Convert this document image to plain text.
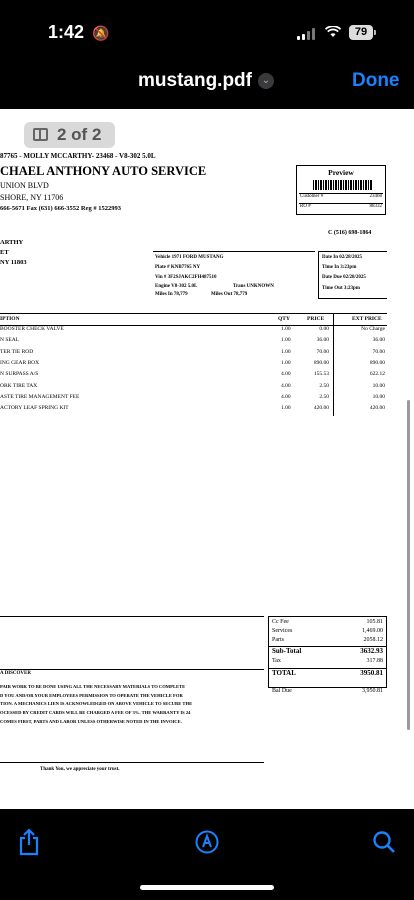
1:42 🔕	79
mustang.pdf ⌄	Done
87765 - MOLLY MCCARTHY- 23468 - V8-302 5.0L
CHAEL ANTHONY AUTO SERVICE
UNION BLVD
SHORE, NY 11706
666-5671 Fax (631) 666-3552 Reg # 1522993
Preview
Customer #	23468
RO #	88332
C (516) 698-1864
ARTHY
ET
NY 11803
Vehicle 1971 FORD MUSTANG
Plate # KNB7765 NY
Vin # 3F2SJAKC2FH487510
Engine V8-302 5.0L	Trans UNKNOWN
Miles In 78,779	Miles Out 78,779
Date In 02/28/2025
Time In 3:23pm
Date Due 02/28/2025
Time Out 3:23pm
IPTION	QTY	PRICE	EXT PRICE
BOOSTER CHECK VALVE	1.00	0.00	No Charge
N SEAL	1.00	36.00	36.00
TER TIE ROD	1.00	70.00	70.00
ING GEAR BOX	1.00	890.00	890.00
N SURPASS A/S	4.00	155.53	622.12
ORK TIRE TAX	4.00	2.50	10.00
ASTE TIRE MANAGEMENT FEE	4.00	2.50	10.00
ACTORY LEAF SPRING KIT	1.00	420.00	420.00
Cc Fee	105.81
Services	1,469.00
Parts	2058.12
Sub-Total	3632.93
Tax	317.88
TOTAL	3950.81
Bal Due	3,950.81
A DISCOVER
PAIR WORK TO BE DONE USING ALL THE NECESSARY MATERIALS TO COMPLETE
D YOU AND/OR YOUR EMPLOYEES PERMISSION TO OPERATE THE VEHICLE FOR
TION. A MECHANICS LIEN IS ACKNOWLEDGED ON ABOVE VEHICLE TO SECURE THE
OCESSED BY CREDIT CARDS WILL BE CHARGED A FEE OF 3%. THE WARRANTY IS 24
COMES FIRST, PARTS AND LABOR UNLESS OTHERWISE NOTED IN THE INVOICE.
Thank You, we appreciate your trust.
2 of 2
